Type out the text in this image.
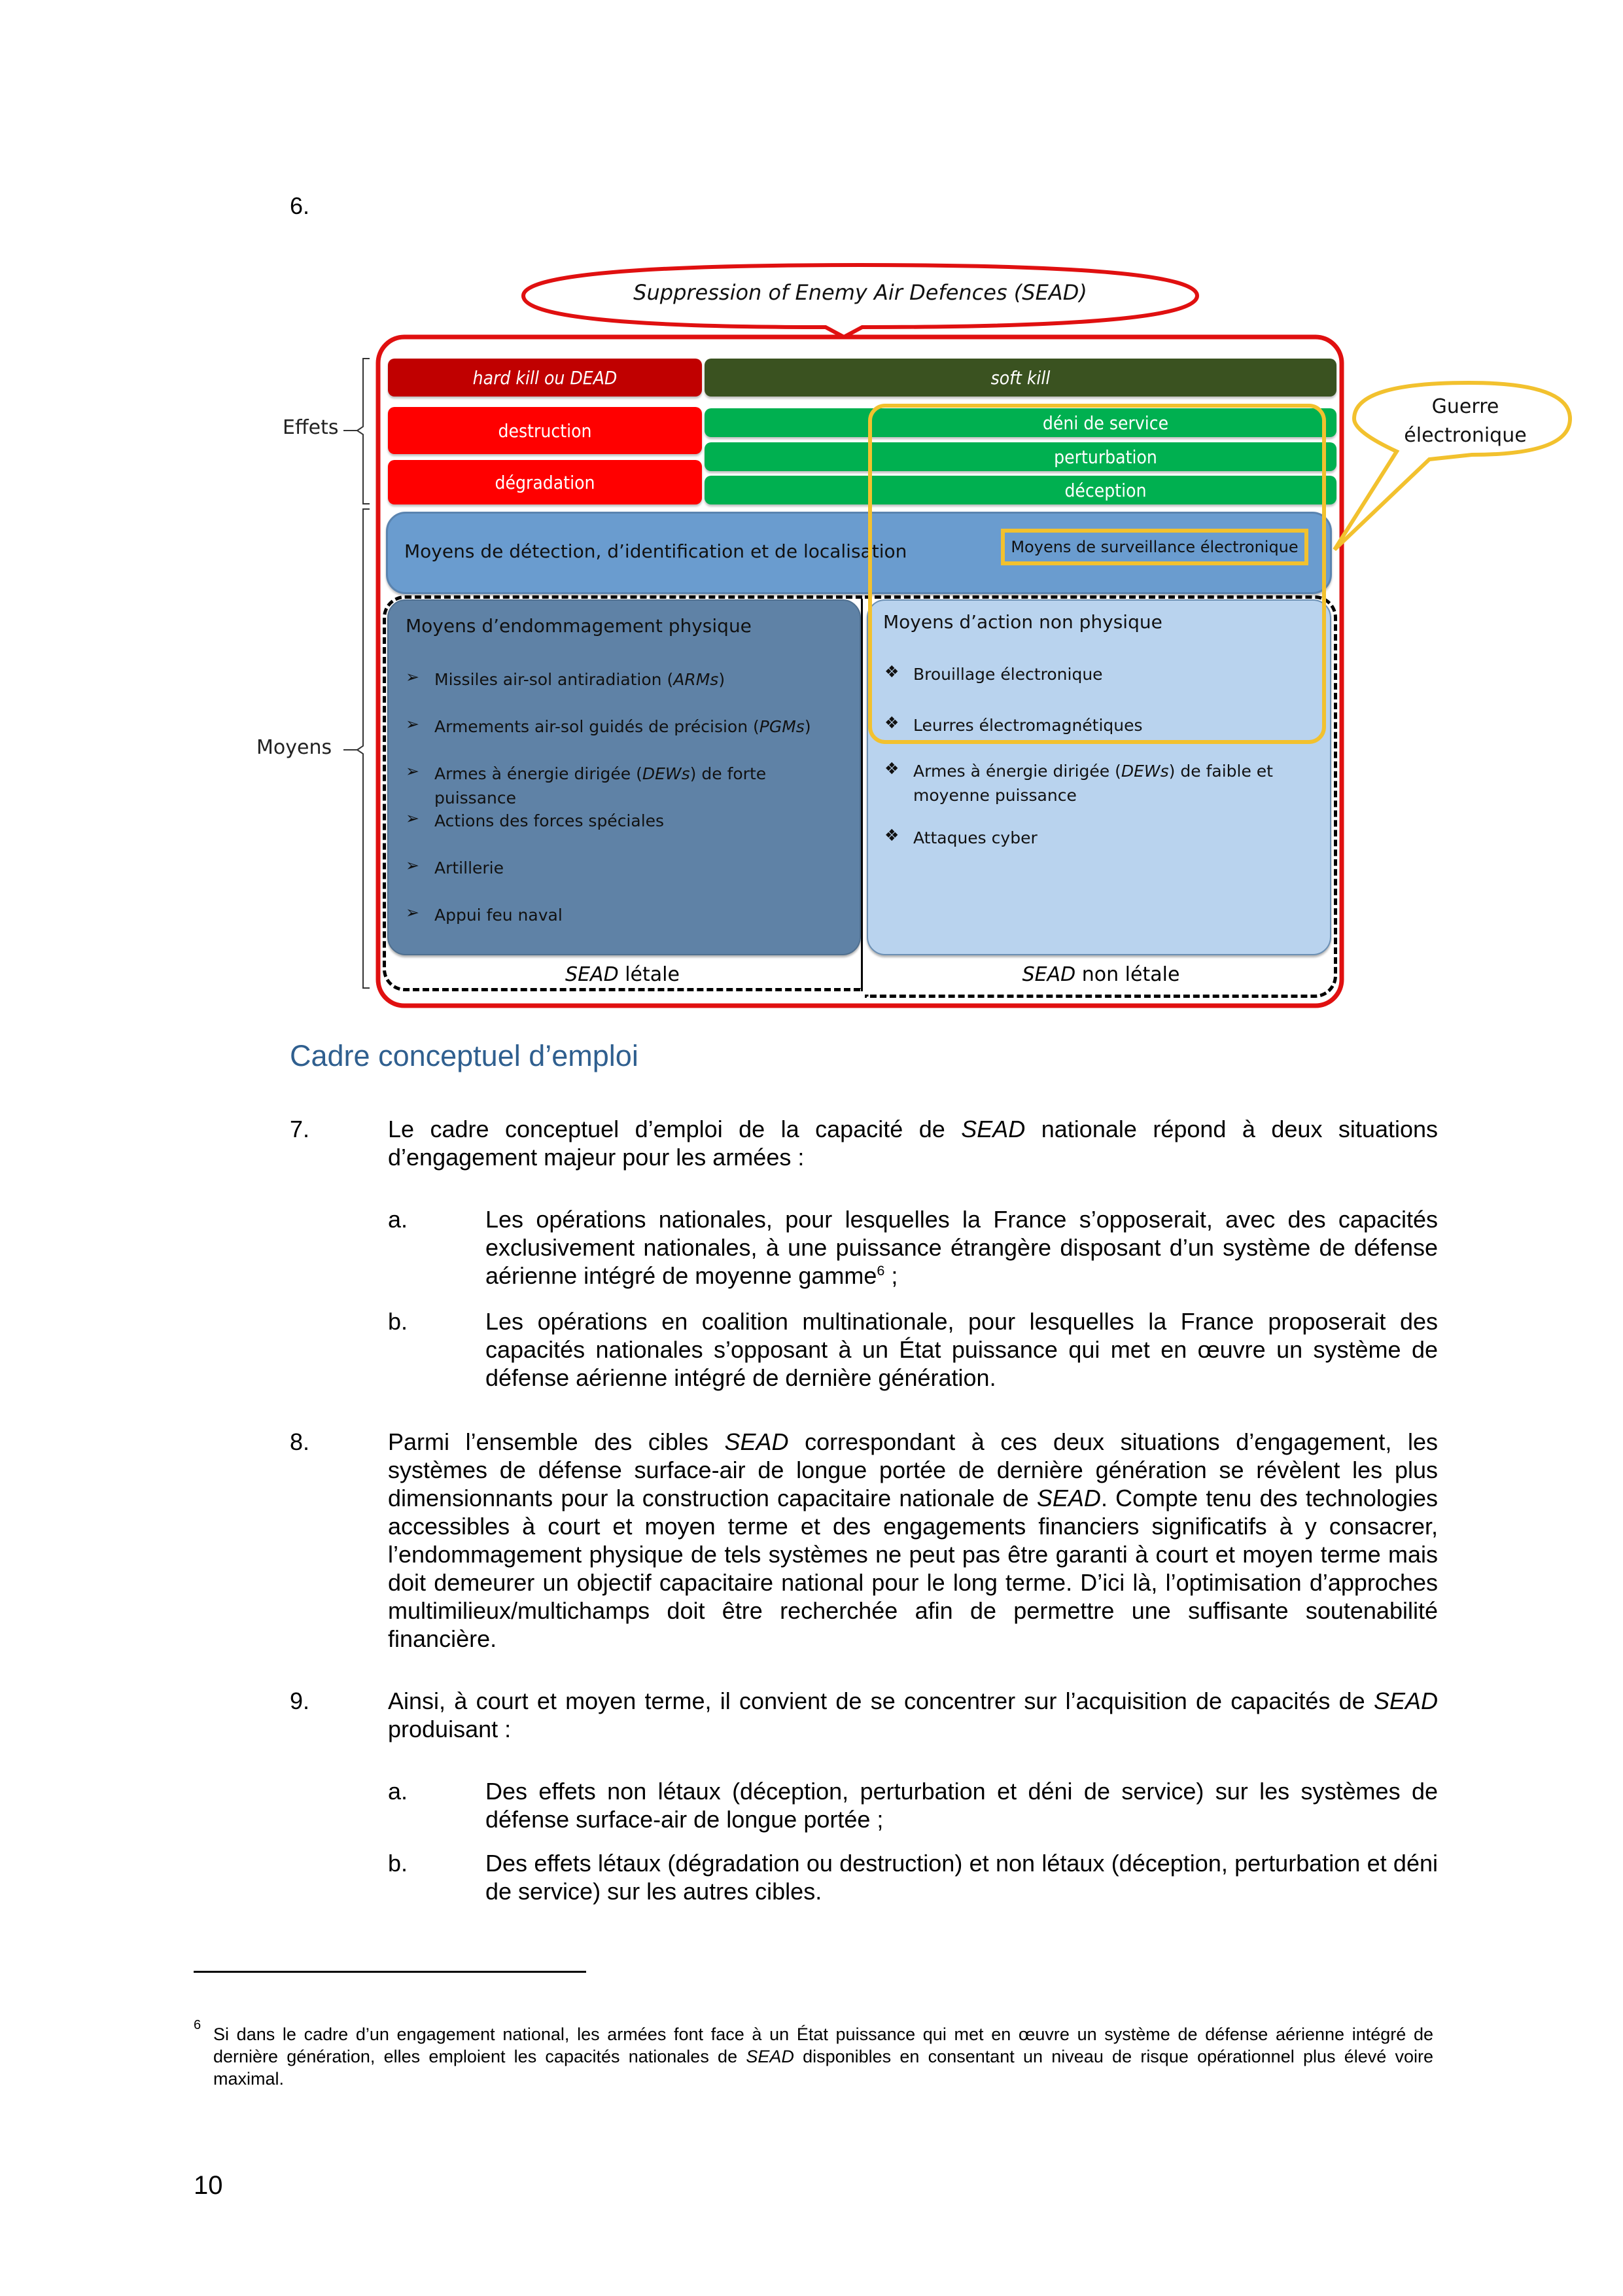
6.
Effets
Moyens
Suppression of Enemy Air Defences (SEAD)
hard kill ou DEAD	soft kill
destruction
dégradation
déni de service
perturbation
déception
Moyens de détection, d’identification et de localisation	Moyens de surveillance électronique
Moyens d’endommagement physique
➢ Missiles air-sol antiradiation (ARMs)
➢ Armements air-sol guidés de précision (PGMs)
➢ Armes à énergie dirigée (DEWs) de forte puissance
➢ Actions des forces spéciales
➢ Artillerie
➢ Appui feu naval
SEAD létale
Moyens d’action non physique
❖ Brouillage électronique
❖ Leurres électromagnétiques
❖ Armes à énergie dirigée (DEWs) de faible et moyenne puissance
❖ Attaques cyber
SEAD non létale
Guerre
électronique
Cadre conceptuel d’emploi
7.	Le cadre conceptuel d’emploi de la capacité de SEAD nationale répond à deux situations d’engagement majeur pour les armées :
a.	Les opérations nationales, pour lesquelles la France s’opposerait, avec des capacités exclusivement nationales, à une puissance étrangère disposant d’un système de défense aérienne intégré de moyenne gamme$^6$ ;
b.	Les opérations en coalition multinationale, pour lesquelles la France proposerait des capacités nationales s’opposant à un État puissance qui met en œuvre un système de défense aérienne intégré de dernière génération.
8.	Parmi l’ensemble des cibles SEAD correspondant à ces deux situations d’engagement, les systèmes de défense surface-air de longue portée de dernière génération se révèlent les plus dimensionnants pour la construction capacitaire nationale de SEAD. Compte tenu des technologies accessibles à court et moyen terme et des engagements financiers significatifs à y consacrer, l’endommagement physique de tels systèmes ne peut pas être garanti à court et moyen terme mais doit demeurer un objectif capacitaire national pour le long terme. D’ici là, l’optimisation d’approches multimilieux/multichamps doit être recherchée afin de permettre une suffisante soutenabilité financière.
9.	Ainsi, à court et moyen terme, il convient de se concentrer sur l’acquisition de capacités de SEAD produisant :
a.	Des effets non létaux (déception, perturbation et déni de service) sur les systèmes de défense surface-air de longue portée ;
b.	Des effets létaux (dégradation ou destruction) et non létaux (déception, perturbation et déni de service) sur les autres cibles.
6 Si dans le cadre d’un engagement national, les armées font face à un État puissance qui met en œuvre un système de défense aérienne intégré de dernière génération, elles emploient les capacités nationales de SEAD disponibles en consentant un niveau de risque opérationnel plus élevé voire maximal.
10
